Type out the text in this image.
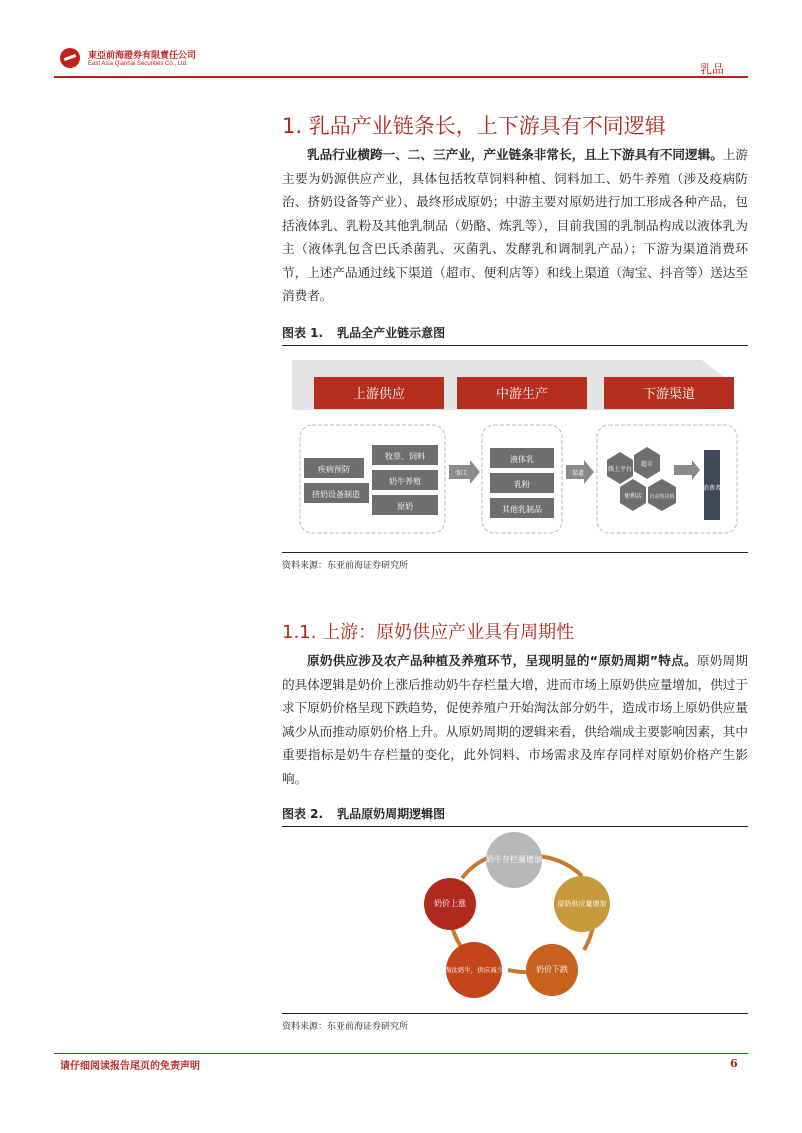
東亞前海證券有限責任公司
East Asia Qianhai Securities Co., Ltd.	乳品
1. 乳品产业链条长，上下游具有不同逻辑
乳品行业横跨一、二、三产业，产业链条非常长，且上下游具有不同逻辑。上游主要为奶源供应产业，具体包括牧草饲料种植、饲料加工、奶牛养殖（涉及疫病防治、挤奶设备等产业）、最终形成原奶；中游主要对原奶进行加工形成各种产品，包括液体乳、乳粉及其他乳制品（奶酪、炼乳等），目前我国的乳制品构成以液体乳为主（液体乳包含巴氏杀菌乳、灭菌乳、发酵乳和调制乳产品）；下游为渠道消费环节，上述产品通过线下渠道（超市、便利店等）和线上渠道（淘宝、抖音等）送达至消费者。
图表 1. 乳品全产业链示意图
上游供应	中游生产	下游渠道
疾病预防
挤奶设备制造
牧草、饲料
奶牛养殖
原奶
加工
液体乳
乳粉
其他乳制品
渠道
线上平台
超市
便利店 自动售货机
消费者
资料来源：东亚前海证券研究所
1.1. 上游：原奶供应产业具有周期性
原奶供应涉及农产品种植及养殖环节，呈现明显的“原奶周期”特点。原奶周期的具体逻辑是奶价上涨后推动奶牛存栏量大增，进而市场上原奶供应量增加，供过于求下原奶价格呈现下跌趋势，促使养殖户开始淘汰部分奶牛，造成市场上原奶供应量减少从而推动原奶价格上升。从原奶周期的逻辑来看，供给端成主要影响因素，其中重要指标是奶牛存栏量的变化，此外饲料、市场需求及库存同样对原奶价格产生影响。
图表 2. 乳品原奶周期逻辑图
奶牛存栏量增加
原奶供应量增加
奶价下跌
淘汰奶牛，供应减少
奶价上涨
资料来源：东亚前海证券研究所
请仔细阅读报告尾页的免责声明	6
